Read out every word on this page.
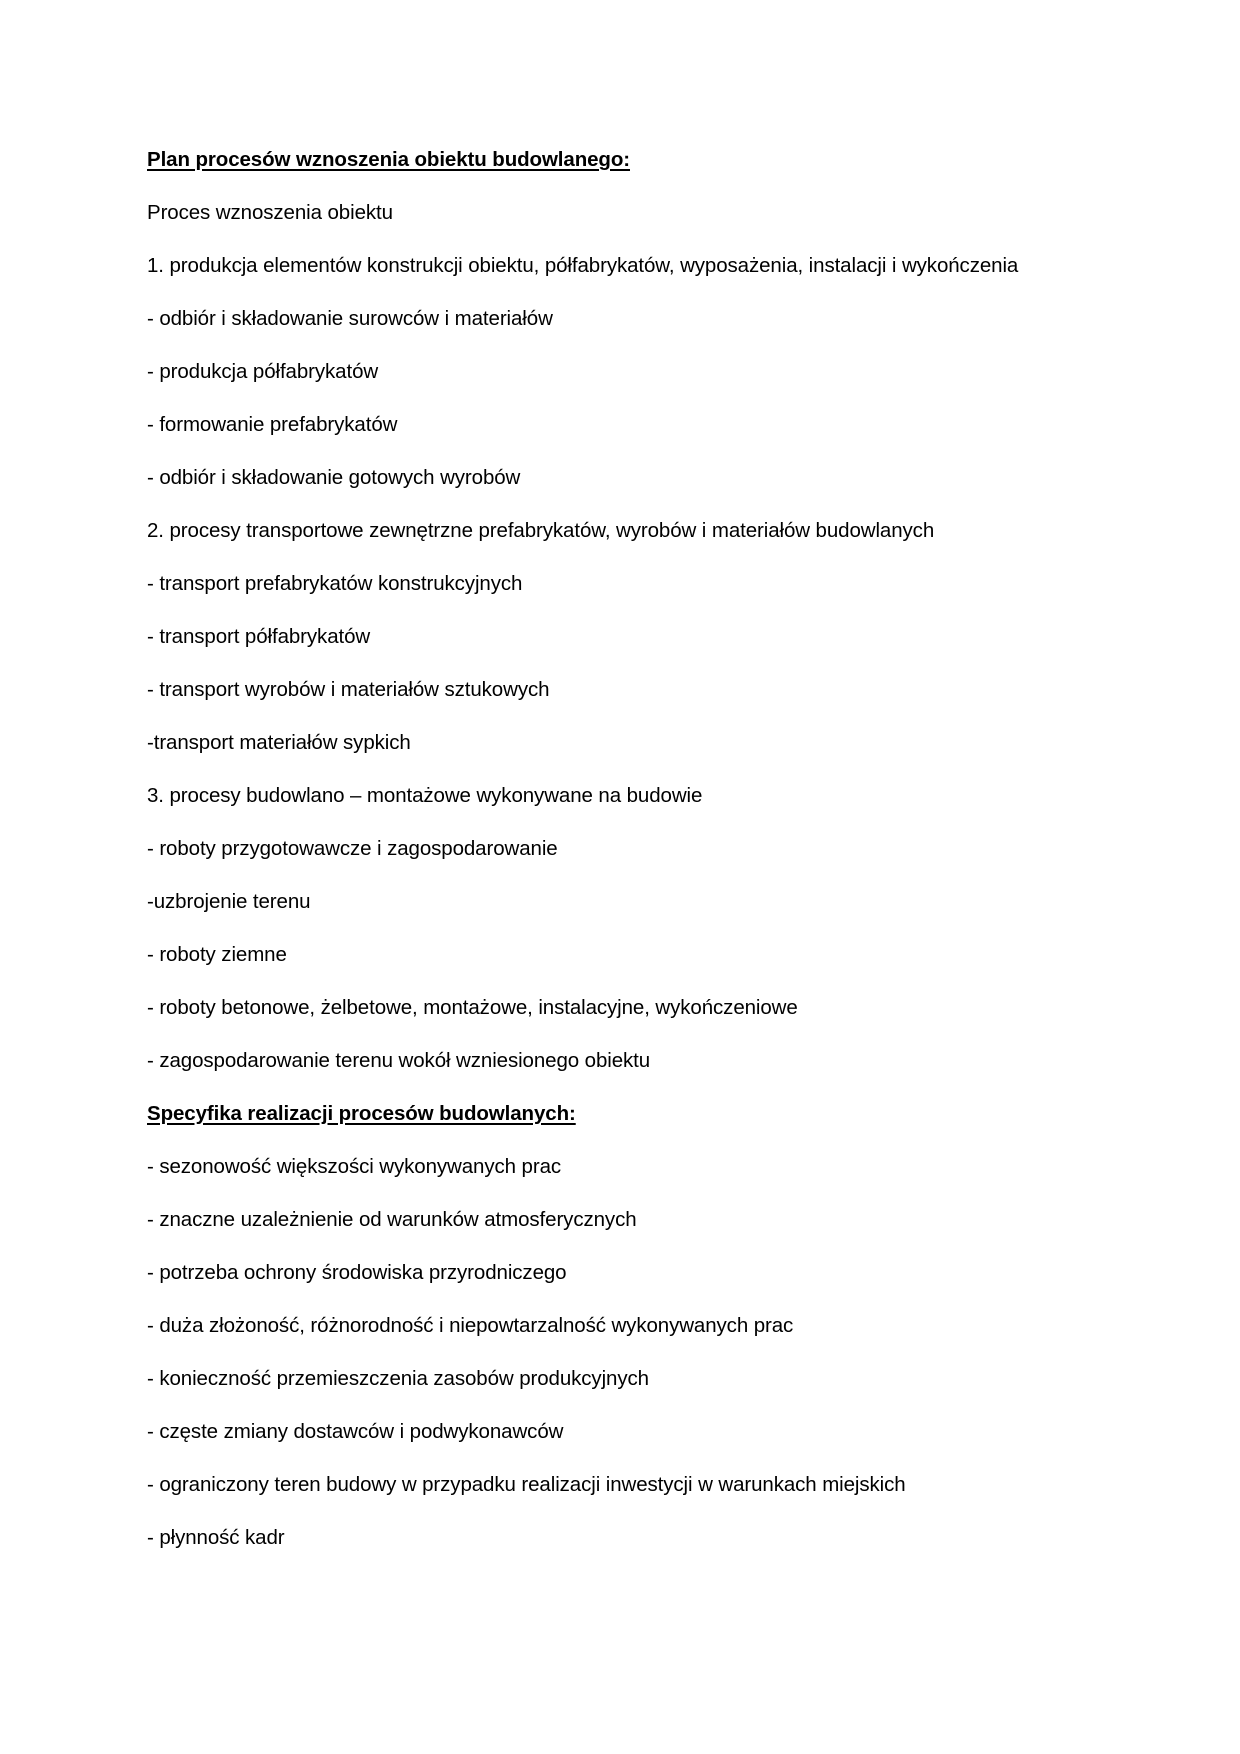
Plan procesów wznoszenia obiektu budowlanego:
Proces wznoszenia obiektu
1. produkcja elementów konstrukcji obiektu, półfabrykatów, wyposażenia, instalacji i wykończenia
- odbiór i składowanie surowców i materiałów
- produkcja półfabrykatów
- formowanie prefabrykatów
- odbiór i składowanie gotowych wyrobów
2. procesy transportowe zewnętrzne prefabrykatów, wyrobów i materiałów budowlanych
- transport prefabrykatów konstrukcyjnych
- transport półfabrykatów
- transport wyrobów i materiałów sztukowych
-transport materiałów sypkich
3. procesy budowlano – montażowe wykonywane na budowie
- roboty przygotowawcze i zagospodarowanie
-uzbrojenie terenu
- roboty ziemne
- roboty betonowe, żelbetowe, montażowe, instalacyjne, wykończeniowe
- zagospodarowanie terenu wokół wzniesionego obiektu
Specyfika realizacji procesów budowlanych:
- sezonowość większości wykonywanych prac
- znaczne uzależnienie od warunków atmosferycznych
- potrzeba ochrony środowiska przyrodniczego
- duża złożoność, różnorodność i niepowtarzalność wykonywanych prac
- konieczność przemieszczenia zasobów produkcyjnych
- częste zmiany dostawców i podwykonawców
- ograniczony teren budowy w przypadku realizacji inwestycji w warunkach miejskich
- płynność kadr
